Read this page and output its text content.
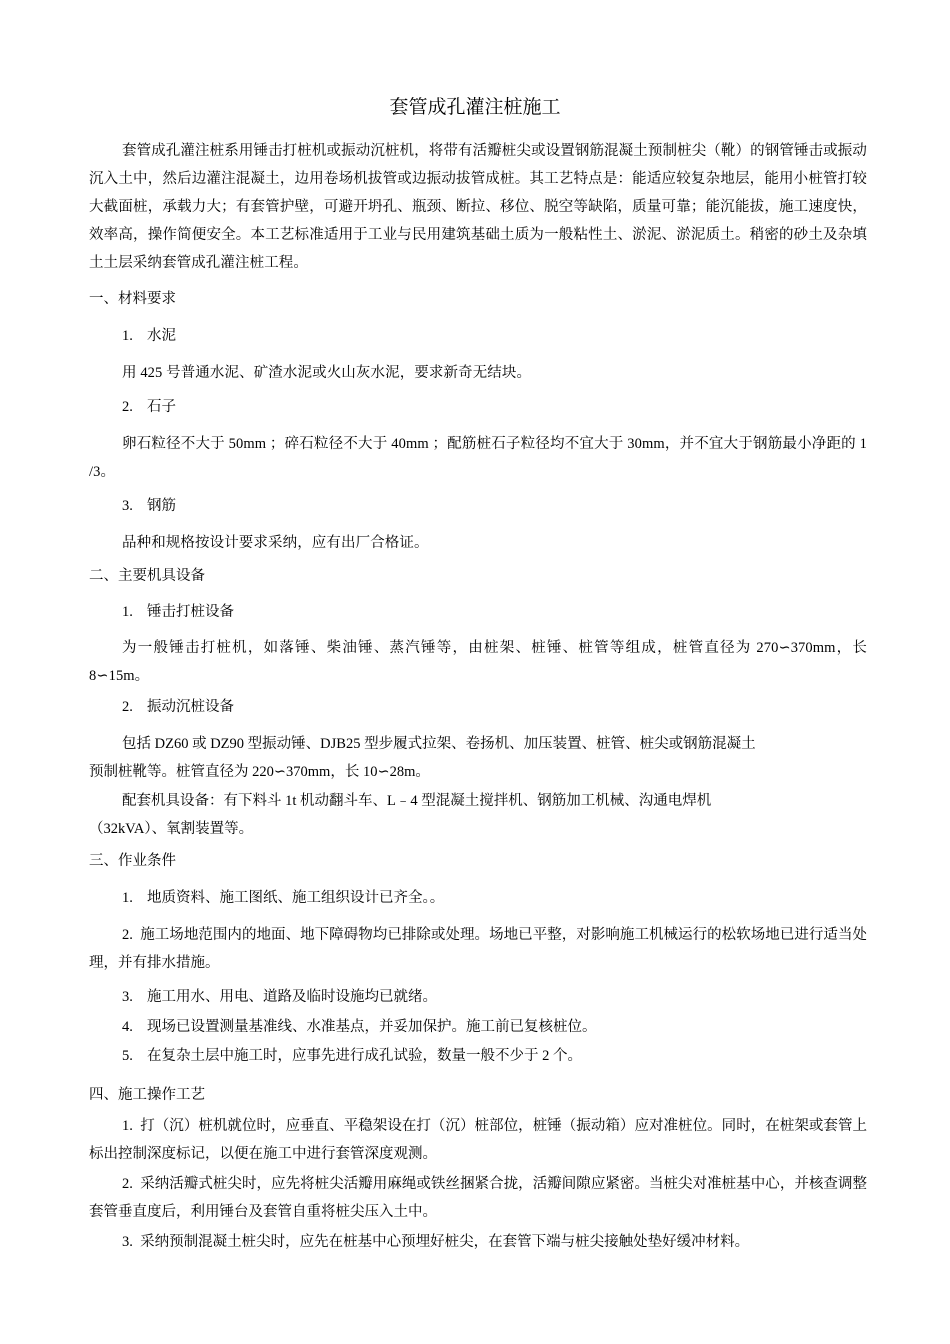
套管成孔灌注桩施工
套管成孔灌注桩系用锤击打桩机或振动沉桩机，将带有活瓣桩尖或设置钢筋混凝土预制桩尖（靴）的钢管锤击或振动沉入土中，然后边灌注混凝土，边用卷场机拔管或边振动拔管成桩。其工艺特点是：能适应较复杂地层，能用小桩管打较大截面桩，承载力大；有套管护壁，可避开坍孔、瓶颈、断拉、移位、脱空等缺陷，质量可靠；能沉能拔，施工速度快，效率高，操作简便安全。本工艺标准适用于工业与民用建筑基础土质为一般粘性土、淤泥、淤泥质土。稍密的砂土及杂填土土层采纳套管成孔灌注桩工程。
一、材料要求
1. 水泥
用 425 号普通水泥、矿渣水泥或火山灰水泥，要求新奇无结块。
2. 石子
卵石粒径不大于 50mm ；碎石粒径不大于 40mm ；配筋桩石子粒径均不宜大于 30mm，并不宜大于钢筋最小净距的 1 /3。
3. 钢筋
品种和规格按设计要求采纳，应有出厂合格证。
二、主要机具设备
1. 锤击打桩设备
为一般锤击打桩机，如落锤、柴油锤、蒸汽锤等，由桩架、桩锤、桩管等组成，桩管直径为 270∽370mm，长 8∽15m。
2. 振动沉桩设备
包括 DZ60 或 DZ90 型振动锤、DJB25 型步履式拉架、卷扬机、加压装置、桩管、桩尖或钢筋混凝土
预制桩靴等。桩管直径为 220∽370mm，长 10∽28m。
配套机具设备：有下料斗 1t 机动翻斗车、L﹣4 型混凝土搅拌机、钢筋加工机械、沟通电焊机
（32kVA）、氧割装置等。
三、作业条件
1. 地质资料、施工图纸、施工组织设计已齐全。。
2. 施工场地范围内的地面、地下障碍物均已排除或处理。场地已平整，对影响施工机械运行的松软场地已进行适当处理，并有排水措施。
3. 施工用水、用电、道路及临时设施均已就绪。
4. 现场已设置测量基准线、水准基点，并妥加保护。施工前已复核桩位。
5. 在复杂土层中施工时，应事先进行成孔试验，数量一般不少于 2 个。
四、施工操作工艺
1. 打（沉）桩机就位时，应垂直、平稳架设在打（沉）桩部位，桩锤（振动箱）应对准桩位。同时，在桩架或套管上标出控制深度标记，以便在施工中进行套管深度观测。
2. 采纳活瓣式桩尖时，应先将桩尖活瓣用麻绳或铁丝捆紧合拢，活瓣间隙应紧密。当桩尖对准桩基中心，并核查调整套管垂直度后，利用锤台及套管自重将桩尖压入土中。
3. 采纳预制混凝土桩尖时，应先在桩基中心预埋好桩尖，在套管下端与桩尖接触处垫好缓冲材料。
